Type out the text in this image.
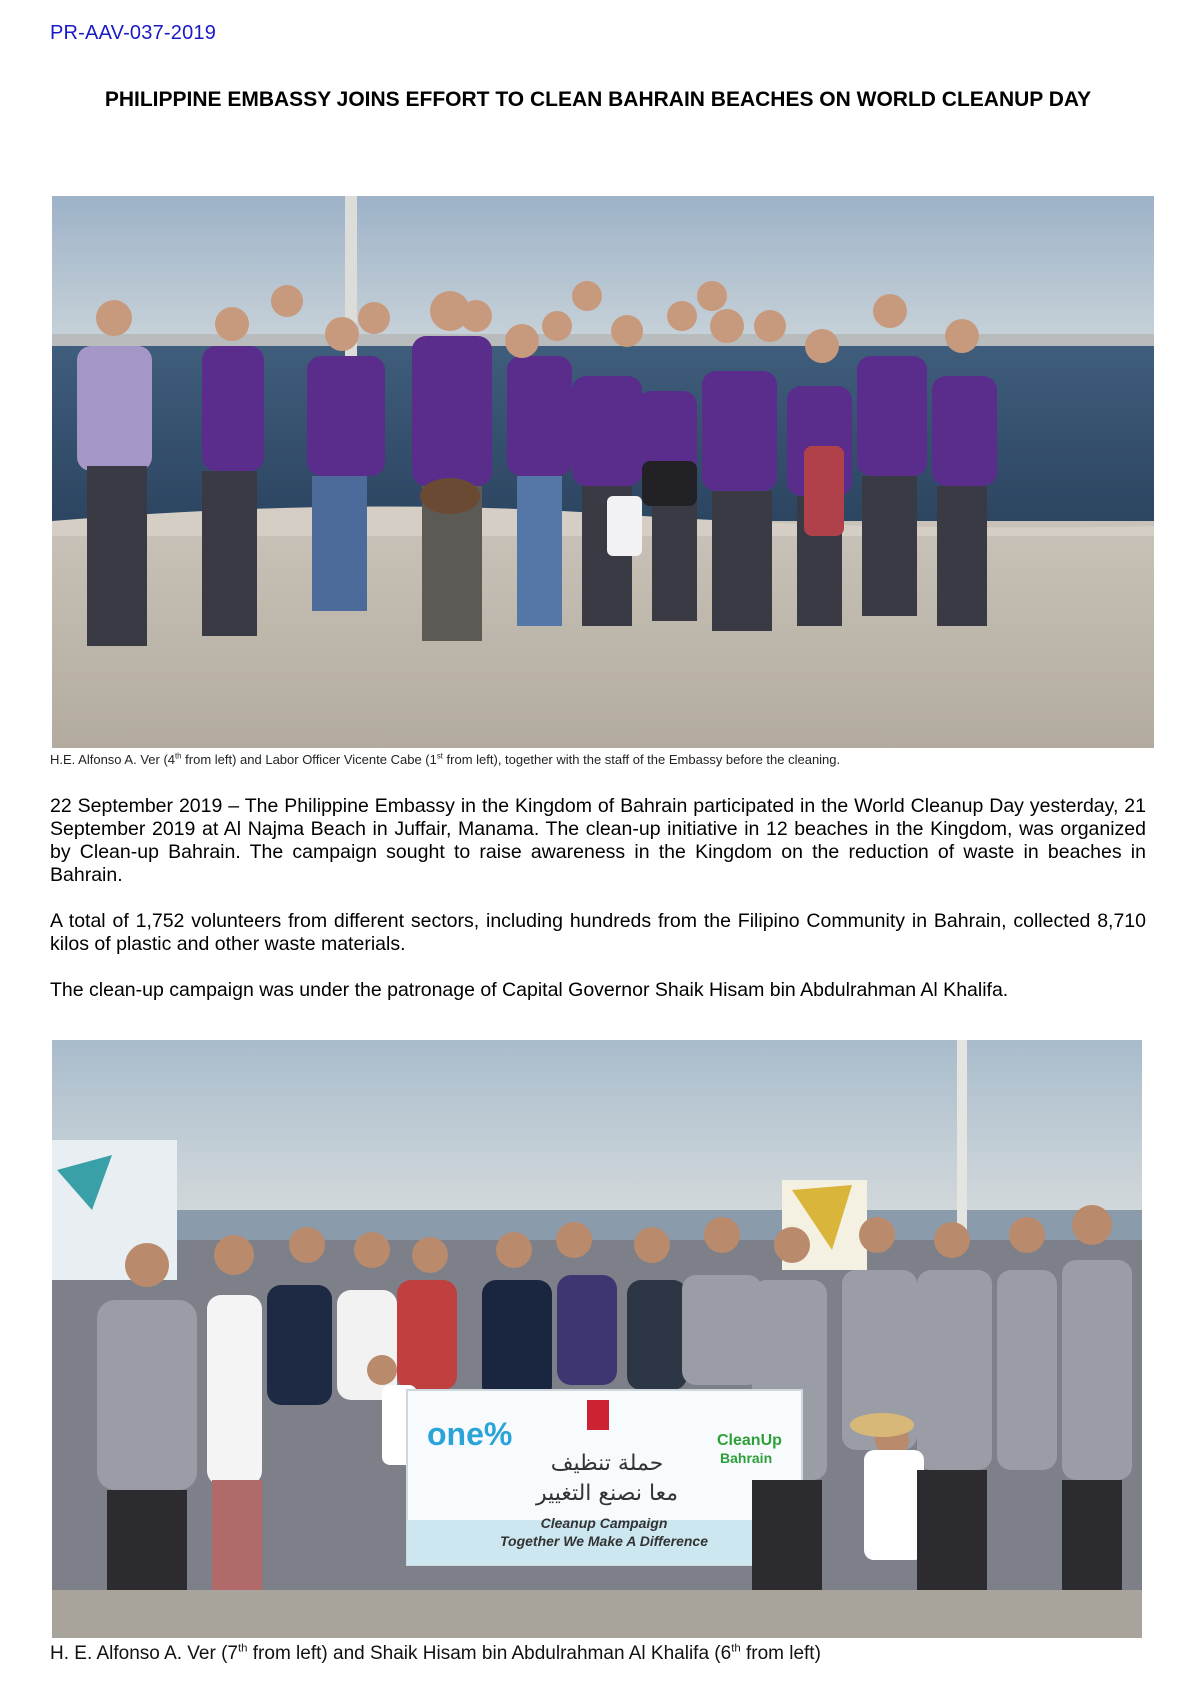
PR-AAV-037-2019
PHILIPPINE EMBASSY JOINS EFFORT TO CLEAN BAHRAIN BEACHES ON WORLD CLEANUP DAY
H.E. Alfonso A. Ver (4th from left) and Labor Officer Vicente Cabe (1st from left), together with the staff of the Embassy before the cleaning.

22 September 2019 – The Philippine Embassy in the Kingdom of Bahrain participated in the World Cleanup Day yesterday, 21 September 2019 at Al Najma Beach in Juffair, Manama. The clean-up initiative in 12 beaches in the Kingdom, was organized by Clean-up Bahrain. The campaign sought to raise awareness in the Kingdom on the reduction of waste in beaches in Bahrain.

A total of 1,752 volunteers from different sectors, including hundreds from the Filipino Community in Bahrain, collected 8,710 kilos of plastic and other waste materials.

The clean-up campaign was under the patronage of Capital Governor Shaik Hisam bin Abdulrahman Al Khalifa.

one%
حملة تنظيف
معا نصنع التغيير
CleanUp
Bahrain
Cleanup Campaign
Together We Make A Difference
H. E. Alfonso A. Ver (7th from left) and Shaik Hisam bin Abdulrahman Al Khalifa (6th from left)
